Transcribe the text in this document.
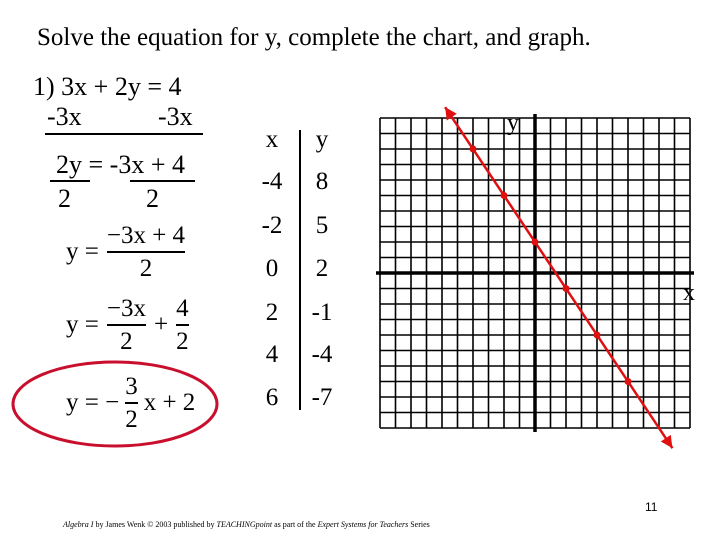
Solve the equation for y, complete the chart, and graph.
1) 3x + 2y = 4
-3x	-3x
2y = -3x + 4
2	2
$y = \frac{-3x + 4}{2}$
$y = \frac{-3x}{2} + \frac{4}{2}$
y = − $\frac{3}{2}$ x + 2
x
y
x	y
-4	8
-2	5
0	2
2	-1
4	-4
6	-7
11
Algebra I by James Wenk © 2003 published by TEACHINGpoint as part of the Expert Systems for Teachers Series
